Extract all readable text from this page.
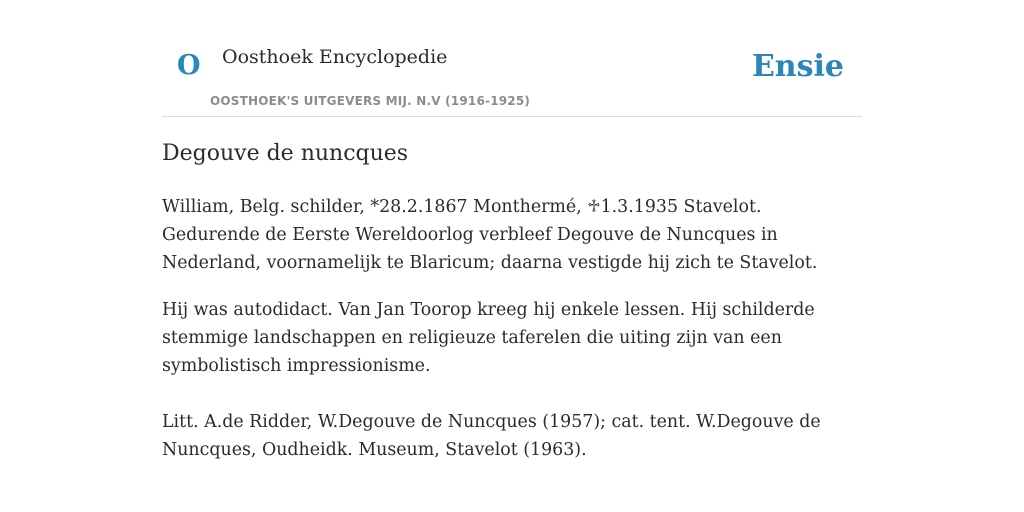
O Oosthoek Encyclopedie
OOSTHOEK'S UITGEVERS MIJ. N.V (1916-1925)
Ensie
Degouve de nuncques

William, Belg. schilder, *28.2.1867 Monthermé, ♱1.3.1935 Stavelot. Gedurende de Eerste Wereldoorlog verbleef Degouve de Nuncques in Nederland, voornamelijk te Blaricum; daarna vestigde hij zich te Stavelot.

Hij was autodidact. Van Jan Toorop kreeg hij enkele lessen. Hij schilderde stemmige landschappen en religieuze taferelen die uiting zijn van een symbolistisch impressionisme.

Litt. A.de Ridder, W.Degouve de Nuncques (1957); cat. tent. W.Degouve de Nuncques, Oudheidk. Museum, Stavelot (1963).
